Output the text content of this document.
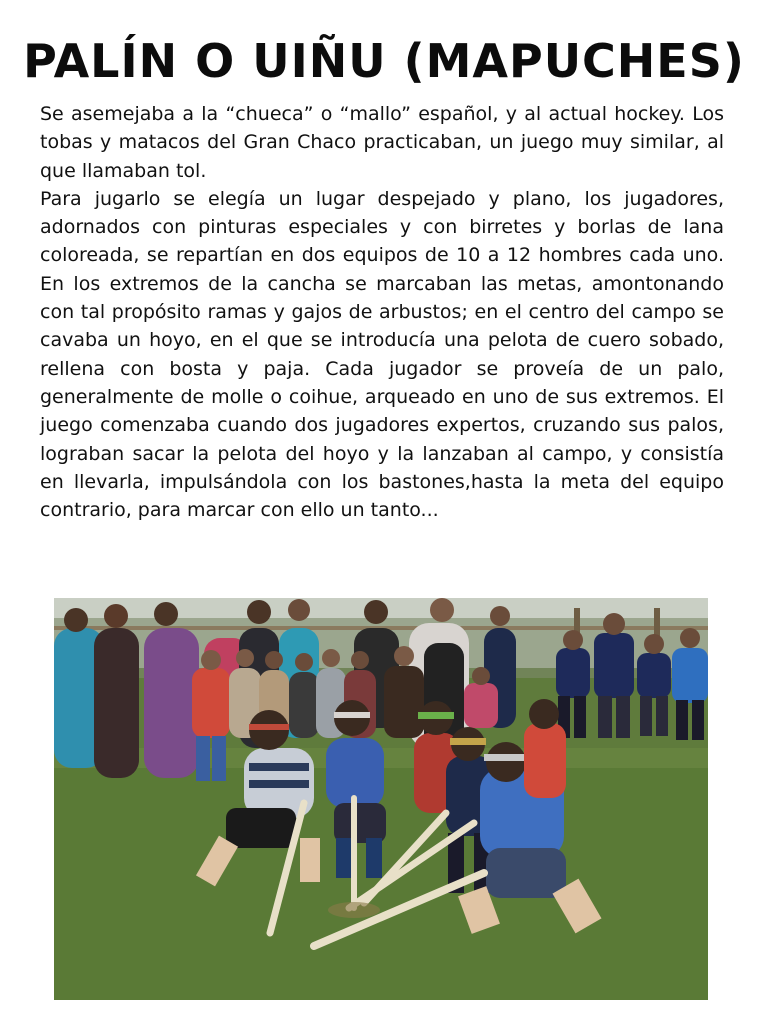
PALÍN O UIÑU (MAPUCHES)

Se asemejaba a la “chueca” o “mallo” español, y al actual hockey. Los tobas y matacos del Gran Chaco practicaban, un juego muy similar, al que llamaban tol.

Para jugarlo se elegía un lugar despejado y plano, los jugadores, adornados con pinturas especiales y con birretes y borlas de lana coloreada, se repartían en dos equipos de 10 a 12 hombres cada uno. En los extremos de la cancha se marcaban las metas, amontonando con tal propósito ramas y gajos de arbustos; en el centro del campo se cavaba un hoyo, en el que se introducía una pelota de cuero sobado, rellena con bosta y paja. Cada jugador se proveía de un palo, generalmente de molle o coihue, arqueado en uno de sus extremos. El juego comenzaba cuando dos jugadores expertos, cruzando sus palos, lograban sacar la pelota del hoyo y la lanzaban al campo, y consistía en llevarla, impulsándola con los bastones,hasta la meta del equipo contrario, para marcar con ello un tanto...
